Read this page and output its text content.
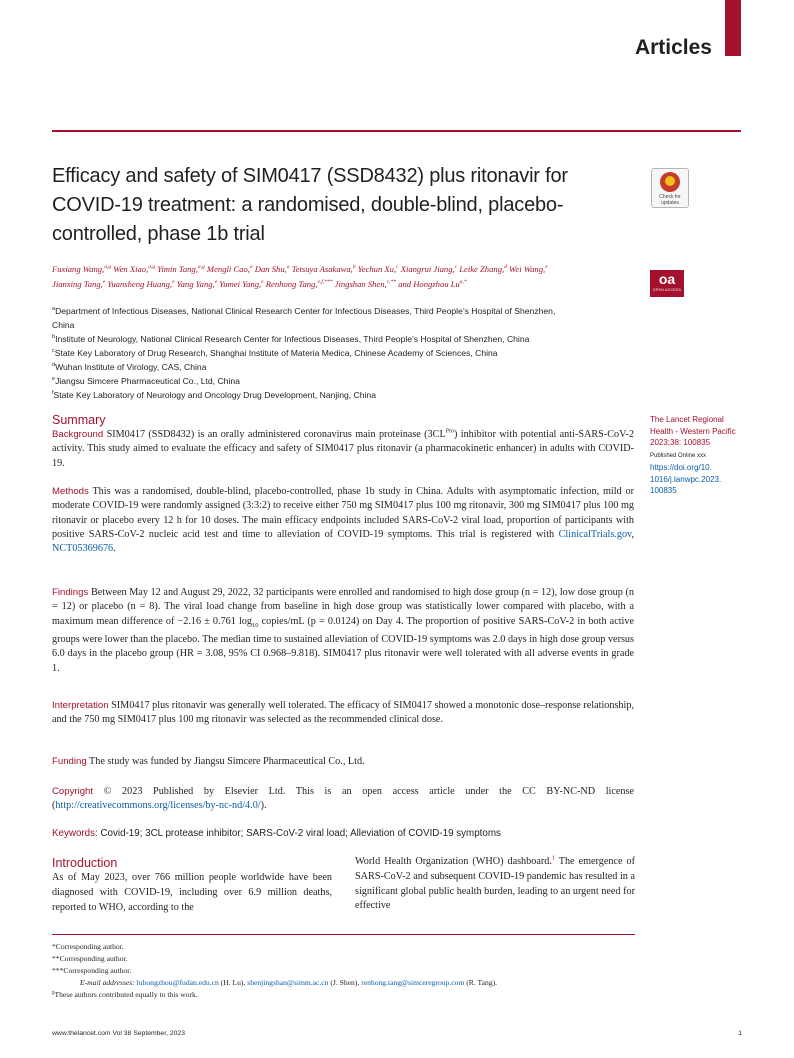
Articles
Efficacy and safety of SIM0417 (SSD8432) plus ritonavir for COVID-19 treatment: a randomised, double-blind, placebo-controlled, phase 1b trial
Check for
updates
Fuxiang Wang,$^{a,g}$ Wen Xiao,$^{a,g}$ Yimin Tang,$^{a,g}$ Mengli Cao,$^a$ Dan Shu,$^a$ Tetsuya Asakawa,$^b$ Yechun Xu,$^c$ Xiangrui Jiang,$^c$ Leike Zhang,$^d$ Wei Wang,$^e$
Jianxing Tang,$^e$ Yuansheng Huang,$^e$ Yang Yang,$^e$ Yumei Yang,$^e$ Renhong Tang,$^{e,f,***}$ Jingshan Shen,$^{c,**}$ and Hongzhou $Lu^{a,*}$	oa
OPEN ACCESS
$^a$Department of Infectious Diseases, National Clinical Research Center for Infectious Diseases, Third People’s Hospital of Shenzhen,
China
$^b$Institute of Neurology, National Clinical Research Center for Infectious Diseases, Third People’s Hospital of Shenzhen, China
$^c$State Key Laboratory of Drug Research, Shanghai Institute of Materia Medica, Chinese Academy of Sciences, China
$^d$Wuhan Institute of Virology, CAS, China
$^e$Jiangsu Simcere Pharmaceutical Co., Ltd, China
$^f$State Key Laboratory of Neurology and Oncology Drug Development, Nanjing, China
The Lancet Regional
Health - Western Pacific
2023;38: 100835
Published Online xxx
https://doi.org/10.
1016/j.lanwpc.2023.
100835
Summary
Background SIM0417 (SSD8432) is an orally administered coronavirus main proteinase $(3CL^{Pro})$ inhibitor with potential anti-SARS-CoV-2 activity. This study aimed to evaluate the efficacy and safety of SIM0417 plus ritonavir (a pharmacokinetic enhancer) in adults with COVID-19.
Methods This was a randomised, double-blind, placebo-controlled, phase 1b study in China. Adults with asymptomatic infection, mild or moderate COVID-19 were randomly assigned (3:3:2) to receive either 750 mg SIM0417 plus 100 mg ritonavir, 300 mg SIM0417 plus 100 mg ritonavir or placebo every 12 h for 10 doses. The main efficacy endpoints included SARS-CoV-2 viral load, proportion of participants with positive SARS-CoV-2 nucleic acid test and time to alleviation of COVID-19 symptoms. This trial is registered with ClinicalTrials.gov, NCT05369676.
Findings Between May 12 and August 29, 2022, 32 participants were enrolled and randomised to high dose group (n = 12), low dose group (n = 12) or placebo (n = 8). The viral load change from baseline in high dose group was statistically lower compared with placebo, with a maximum mean difference of −2.16 ± 0.761 $\log_{10}$ copies/mL (p = 0.0124) on Day 4. The proportion of positive SARS-CoV-2 in both active groups were lower than the placebo. The median time to sustained alleviation of COVID-19 symptoms was 2.0 days in high dose group versus 6.0 days in the placebo group (HR = 3.08, 95% CI 0.968–9.818). SIM0417 plus ritonavir were well tolerated with all adverse events in grade 1.
Interpretation SIM0417 plus ritonavir was generally well tolerated. The efficacy of SIM0417 showed a monotonic dose–response relationship, and the 750 mg SIM0417 plus 100 mg ritonavir was selected as the recommended clinical dose.
Funding The study was funded by Jiangsu Simcere Pharmaceutical Co., Ltd.
Copyright © 2023 Published by Elsevier Ltd. This is an open access article under the CC BY-NC-ND license (http://creativecommons.org/licenses/by-nc-nd/4.0/).
Keywords: Covid-19; 3CL protease inhibitor; SARS-CoV-2 viral load; Alleviation of COVID-19 symptoms
Introduction
As of May 2023, over 766 million people worldwide have been diagnosed with COVID-19, including over 6.9 million deaths, reported to WHO, according to the
World Health Organization (WHO) dashboard.$^1$ The emergence of SARS-CoV-2 and subsequent COVID-19 pandemic has resulted in a significant global public health burden, leading to an urgent need for effective
*Corresponding author.
**Corresponding author.
***Corresponding author.
E-mail addresses: luhongzhou@fudan.edu.cn (H. Lu), shenjingshan@simm.ac.cn (J. Shen), renhong.tang@simceregroup.com (R. Tang).
$^g$These authors contributed equally to this work.
www.thelancet.com Vol 38 September, 2023	1
